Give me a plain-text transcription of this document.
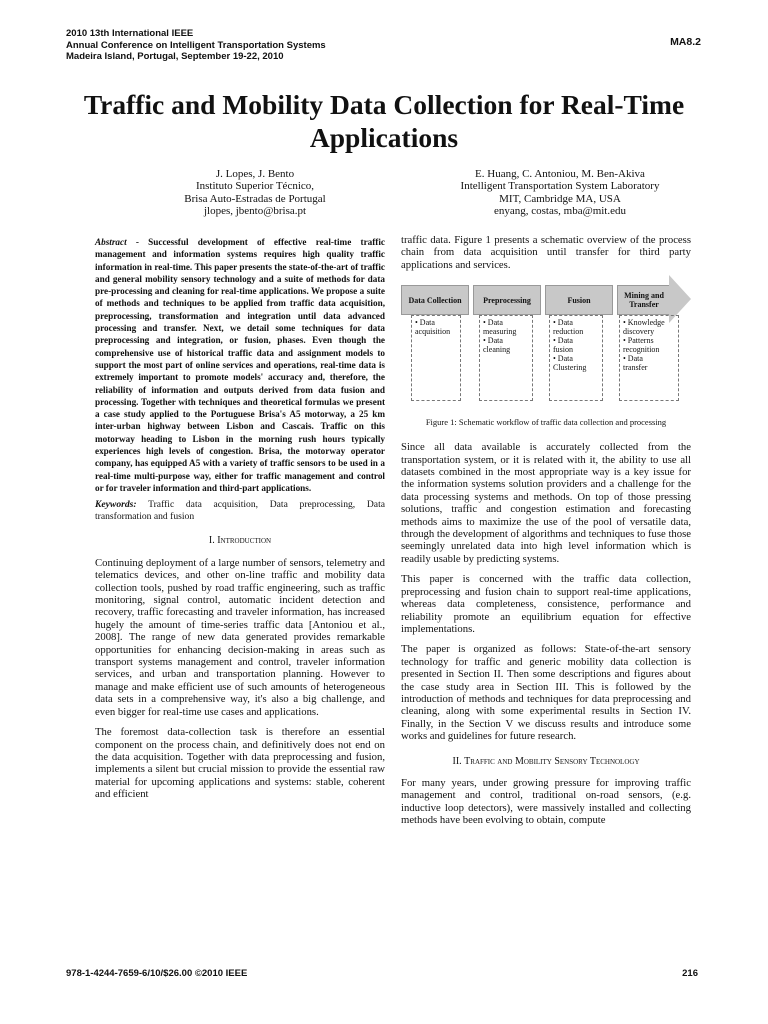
2010 13th International IEEE
Annual Conference on Intelligent Transportation Systems
Madeira Island, Portugal, September 19-22, 2010
MA8.2
Traffic and Mobility Data Collection for Real-Time Applications
J. Lopes, J. Bento
Instituto Superior Técnico,
Brisa Auto-Estradas de Portugal
jlopes, jbento@brisa.pt
E. Huang, C. Antoniou, M. Ben-Akiva
Intelligent Transportation System Laboratory
MIT, Cambridge MA, USA
enyang, costas, mba@mit.edu
Abstract - Successful development of effective real-time traffic management and information systems requires high quality traffic information in real-time. This paper presents the state-of-the-art of traffic and general mobility sensory technology and a suite of methods for data pre-processing and cleaning for real-time applications. We propose a suite of methods and techniques to be applied from traffic data acquisition, preprocessing, transformation and integration until data advanced processing and transfer. Next, we detail some techniques for data preprocessing and integration, or fusion, phases. Even though the comprehensive use of historical traffic data and assignment models to support the most part of online services and operations, real-time data is extremely important to promote models' accuracy and, therefore, the reliability of information and outputs derived from data fusion and processing. Together with techniques and theoretical formulas we present a case study applied to the Portuguese Brisa's A5 motorway, a 25 km inter-urban highway between Lisbon and Cascais. Traffic on this motorway heading to Lisbon in the morning rush hours typically experiences high levels of congestion. Brisa, the motorway operator company, has equipped A5 with a variety of traffic sensors to be used in a real-time multi-purpose way, either for traffic management and control or for traveler information and third-part applications.
Keywords: Traffic data acquisition, Data preprocessing, Data transformation and fusion
I. Introduction

Continuing deployment of a large number of sensors, telemetry and telematics devices, and other on-line traffic and mobility data collection tools, pushed by road traffic engineering, such as traffic monitoring, signal control, automatic incident detection and recovery, traffic forecasting and traveler information, has increased hugely the amount of time-series traffic data [Antoniou et al., 2008]. The range of new data generated provides remarkable opportunities for enhancing decision-making in areas such as transport systems management and control, traveler information services, and urban and transportation planning. However to manage and make efficient use of such amounts of heterogeneous data sets in a comprehensive way, it's also a big challenge, and even bigger for real-time use cases and applications.

The foremost data-collection task is therefore an essential component on the process chain, and definitively does not end on the data acquisition. Together with data preprocessing and fusion, implements a silent but crucial mission to provide the essential raw material for upcoming applications and systems: stable, coherent and efficient

traffic data. Figure 1 presents a schematic overview of the process chain from data acquisition until transfer for third party applications and services.

Data Collection	Preprocessing	Fusion	Mining and Transfer
• Data
acquisition
• Data
measuring
• Data
cleaning
• Data
reduction
• Data
fusion
• Data
Clustering
• Knowledge
discovery
• Patterns
recognition
• Data
transfer
Figure 1: Schematic workflow of traffic data collection and processing

Since all data available is accurately collected from the transportation system, or it is related with it, the ability to use all datasets combined in the most appropriate way is a key issue for the information systems solution providers and a challenge for the data processing systems and methods. On top of those pressing solutions, traffic and congestion estimation and forecasting methods aims to maximize the use of the pool of versatile data, through the development of algorithms and techniques to fuse those seemingly unrelated data into high level information which is readily usable by predicting systems.

This paper is concerned with the traffic data collection, preprocessing and fusion chain to support real-time applications, whereas data completeness, consistence, performance and reliability promote an equilibrium equation for effective implementations.

The paper is organized as follows: State-of-the-art sensory technology for traffic and generic mobility data collection is presented in Section II. Then some descriptions and figures about the case study area in Section III. This is followed by the introduction of methods and techniques for data preprocessing and cleaning, along with some experimental results in Section IV. Finally, in the Section V we discuss results and introduce some works and guidelines for future research.

II. Traffic and Mobility Sensory Technology

For many years, under growing pressure for improving traffic management and control, traditional on-road sensors, (e.g. inductive loop detectors), were massively installed and collecting methods have been evolving to obtain, compute

978-1-4244-7659-6/10/$26.00 ©2010 IEEE	216
